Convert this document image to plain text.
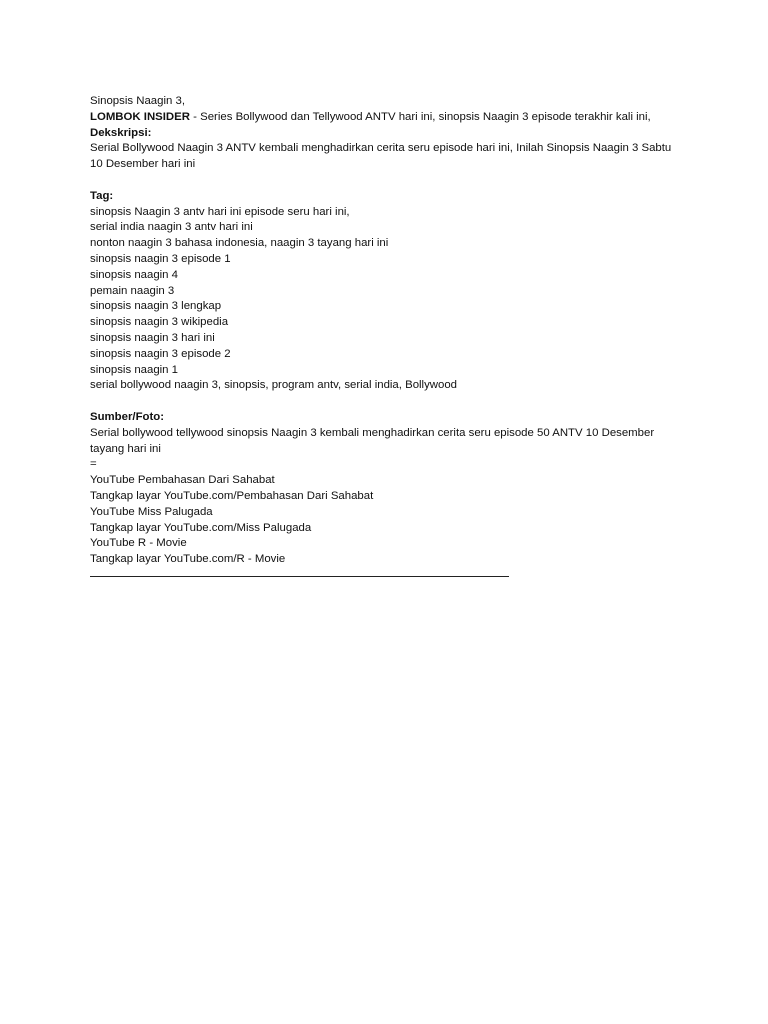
Sinopsis Naagin 3,
LOMBOK INSIDER - Series Bollywood dan Tellywood ANTV hari ini, sinopsis Naagin 3 episode terakhir kali ini,
Dekskripsi:
Serial Bollywood Naagin 3 ANTV kembali menghadirkan cerita seru episode hari ini, Inilah Sinopsis Naagin 3 Sabtu 10 Desember hari ini
Tag:
sinopsis Naagin 3 antv hari ini episode seru hari ini,
serial india naagin 3 antv hari ini
nonton naagin 3 bahasa indonesia, naagin 3 tayang hari ini
sinopsis naagin 3 episode 1
sinopsis naagin 4
pemain naagin 3
sinopsis naagin 3 lengkap
sinopsis naagin 3 wikipedia
sinopsis naagin 3 hari ini
sinopsis naagin 3 episode 2
sinopsis naagin 1
serial bollywood naagin 3, sinopsis, program antv, serial india, Bollywood
Sumber/Foto:
Serial bollywood tellywood sinopsis Naagin 3 kembali menghadirkan cerita seru episode 50 ANTV 10 Desember tayang hari ini
=
YouTube Pembahasan Dari Sahabat
Tangkap layar YouTube.com/Pembahasan Dari Sahabat
YouTube Miss Palugada
Tangkap layar YouTube.com/Miss Palugada
YouTube R - Movie
Tangkap layar YouTube.com/R - Movie
